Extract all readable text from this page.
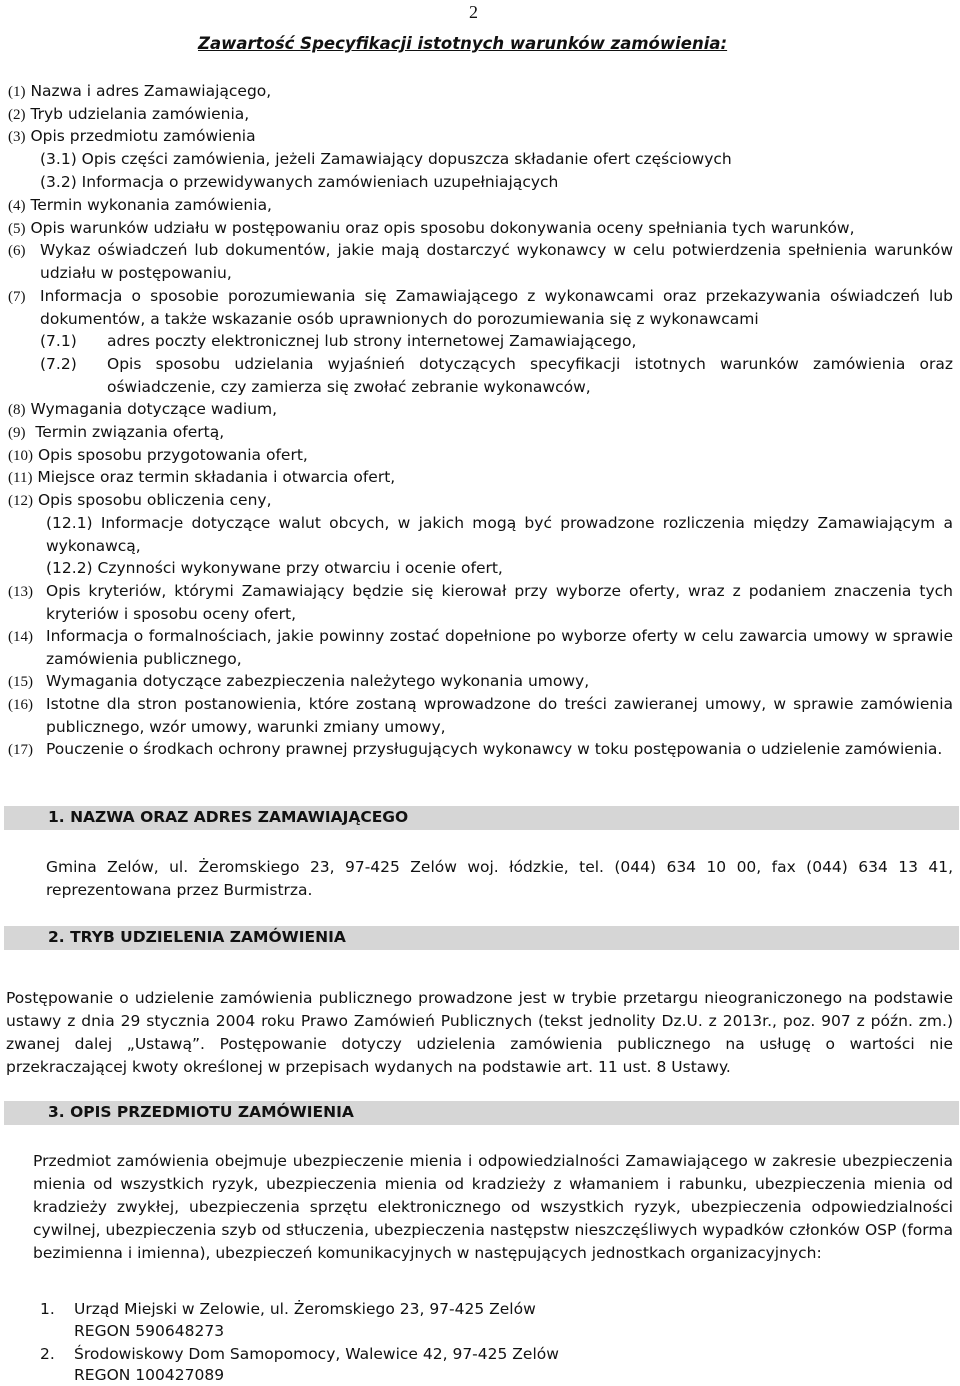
2
Zawartość Specyfikacji istotnych warunków zamówienia:
(1) Nazwa i adres Zamawiającego,
(2) Tryb udzielania zamówienia,
(3) Opis przedmiotu zamówienia
(3.1) Opis części zamówienia, jeżeli Zamawiający dopuszcza składanie ofert częściowych
(3.2) Informacja o przewidywanych zamówieniach uzupełniających
(4) Termin wykonania zamówienia,
(5) Opis warunków udziału w postępowaniu oraz opis sposobu dokonywania oceny spełniania tych warunków,
(6) Wykaz oświadczeń lub dokumentów, jakie mają dostarczyć wykonawcy w celu potwierdzenia spełnienia warunków udziału w postępowaniu,
(7) Informacja o sposobie porozumiewania się Zamawiającego z wykonawcami oraz przekazywania oświadczeń lub dokumentów, a także wskazanie osób uprawnionych do porozumiewania się z wykonawcami
(7.1) adres poczty elektronicznej lub strony internetowej Zamawiającego,
(7.2) Opis sposobu udzielania wyjaśnień dotyczących specyfikacji istotnych warunków zamówienia oraz oświadczenie, czy zamierza się zwołać zebranie wykonawców,
(8) Wymagania dotyczące wadium,
(9) Termin związania ofertą,
(10) Opis sposobu przygotowania ofert,
(11) Miejsce oraz termin składania i otwarcia ofert,
(12) Opis sposobu obliczenia ceny,
(12.1) Informacje dotyczące walut obcych, w jakich mogą być prowadzone rozliczenia między Zamawiającym a wykonawcą,
(12.2) Czynności wykonywane przy otwarciu i ocenie ofert,
(13) Opis kryteriów, którymi Zamawiający będzie się kierował przy wyborze oferty, wraz z podaniem znaczenia tych kryteriów i sposobu oceny ofert,
(14) Informacja o formalnościach, jakie powinny zostać dopełnione po wyborze oferty w celu zawarcia umowy w sprawie zamówienia publicznego,
(15) Wymagania dotyczące zabezpieczenia należytego wykonania umowy,
(16) Istotne dla stron postanowienia, które zostaną wprowadzone do treści zawieranej umowy, w sprawie zamówienia publicznego, wzór umowy, warunki zmiany umowy,
(17) Pouczenie o środkach ochrony prawnej przysługujących wykonawcy w toku postępowania o udzielenie zamówienia.
1. NAZWA ORAZ ADRES ZAMAWIAJĄCEGO
Gmina Zelów, ul. Żeromskiego 23, 97-425 Zelów woj. łódzkie, tel. (044) 634 10 00, fax (044) 634 13 41, reprezentowana przez Burmistrza.
2. TRYB UDZIELENIA ZAMÓWIENIA
Postępowanie o udzielenie zamówienia publicznego prowadzone jest w trybie przetargu nieograniczonego na podstawie ustawy z dnia 29 stycznia 2004 roku Prawo Zamówień Publicznych (tekst jednolity Dz.U. z 2013r., poz. 907 z późn. zm.) zwanej dalej „Ustawą”. Postępowanie dotyczy udzielenia zamówienia publicznego na usługę o wartości nie przekraczającej kwoty określonej w przepisach wydanych na podstawie art. 11 ust. 8 Ustawy.
3. OPIS PRZEDMIOTU ZAMÓWIENIA
Przedmiot zamówienia obejmuje ubezpieczenie mienia i odpowiedzialności Zamawiającego w zakresie ubezpieczenia mienia od wszystkich ryzyk, ubezpieczenia mienia od kradzieży z włamaniem i rabunku, ubezpieczenia mienia od kradzieży zwykłej, ubezpieczenia sprzętu elektronicznego od wszystkich ryzyk, ubezpieczenia odpowiedzialności cywilnej, ubezpieczenia szyb od stłuczenia, ubezpieczenia następstw nieszczęśliwych wypadków członków OSP (forma bezimienna i imienna), ubezpieczeń komunikacyjnych w następujących jednostkach organizacyjnych:
1. Urząd Miejski w Zelowie, ul. Żeromskiego 23, 97-425 Zelów
REGON 590648273
2. Środowiskowy Dom Samopomocy, Walewice 42, 97-425 Zelów
REGON 100427089
